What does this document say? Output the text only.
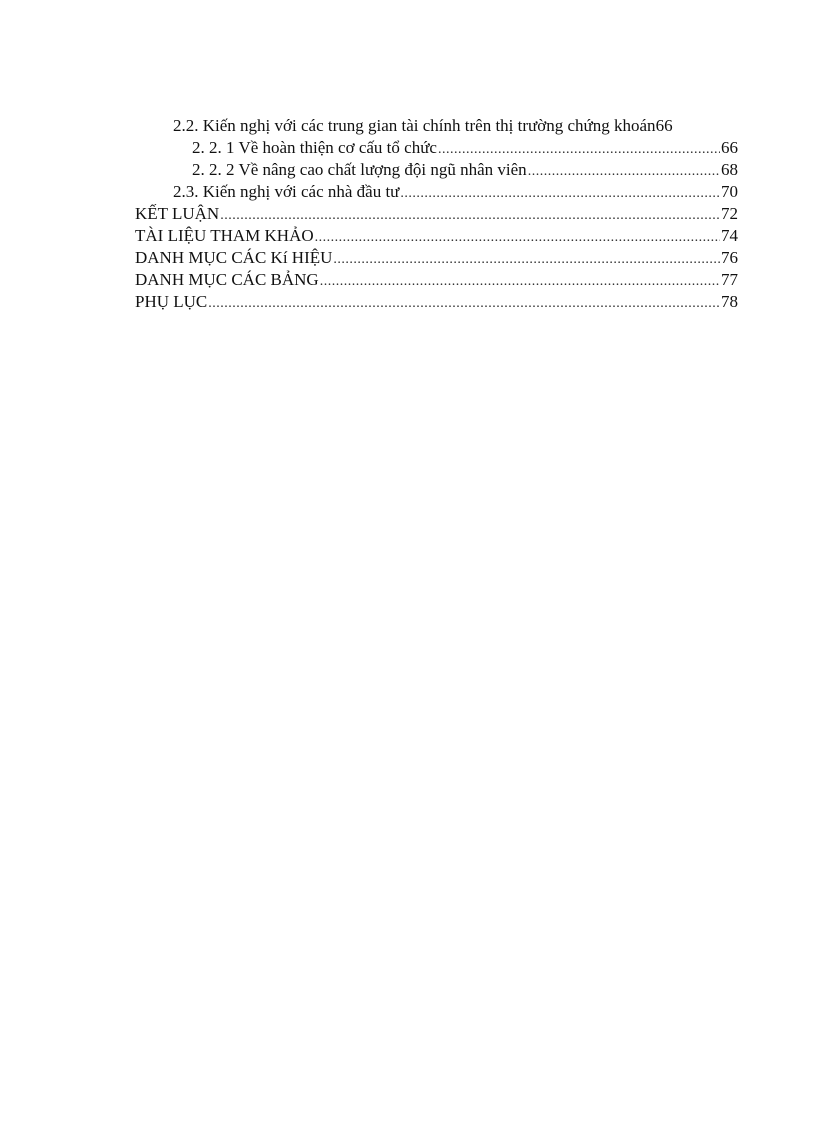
2.2. Kiến nghị với các trung gian tài chính trên thị trường chứng khoán 66
2. 2. 1 Về hoàn thiện cơ cấu tổ chức .....	66
2. 2. 2 Về nâng cao chất lượng đội ngũ nhân viên .....	68
2.3. Kiến nghị với các nhà đầu tư .....	70
KẾT LUẬN .....	72
TÀI LIỆU THAM KHẢO .....	74
DANH MỤC CÁC Kí HIỆU .....	76
DANH MỤC CÁC BẢNG .....	77
PHỤ LỤC .....	78
